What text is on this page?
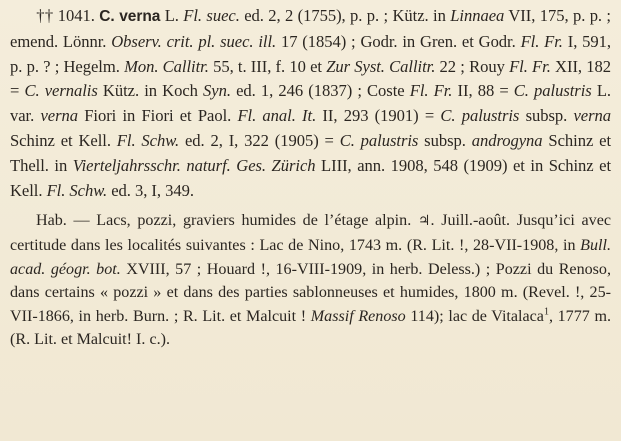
†† 1041. C. verna L. Fl. suec. ed. 2, 2 (1755), p. p. ; Kütz. in Linnaea VII, 175, p. p. ; emend. Lönnr. Observ. crit. pl. suec. ill. 17 (1854) ; Godr. in Gren. et Godr. Fl. Fr. I, 591, p. p. ? ; Hegelm. Mon. Callitr. 55, t. III, f. 10 et Zur Syst. Callitr. 22 ; Rouy Fl. Fr. XII, 182 = C. vernalis Kütz. in Koch Syn. ed. 1, 246 (1837) ; Coste Fl. Fr. II, 88 = C. palustris L. var. verna Fiori in Fiori et Paol. Fl. anal. It. II, 293 (1901) = C. palustris subsp. verna Schinz et Kell. Fl. Schw. ed. 2, I, 322 (1905) = C. palustris subsp. androgyna Schinz et Thell. in Vierteljahrsschr. naturf. Ges. Zürich LIII, ann. 1908, 548 (1909) et in Schinz et Kell. Fl. Schw. ed. 3, I, 349.

Hab. — Lacs, pozzi, graviers humides de l’étage alpin. ♃. Juill.-août. Jusqu’ici avec certitude dans les localités suivantes : Lac de Nino, 1743 m. (R. Lit. !, 28-VII-1908, in Bull. acad. géogr. bot. XVIII, 57 ; Houard !, 16-VIII-1909, in herb. Deless.) ; Pozzi du Renoso, dans certains « pozzi » et dans des parties sablonneuses et humides, 1800 m. (Revel. !, 25-VII-1866, in herb. Burn. ; R. Lit. et Malcuit ! Massif Renoso 114); lac de Vitalaca$^1$, 1777 m. (R. Lit. et Malcuit! I. c.).
